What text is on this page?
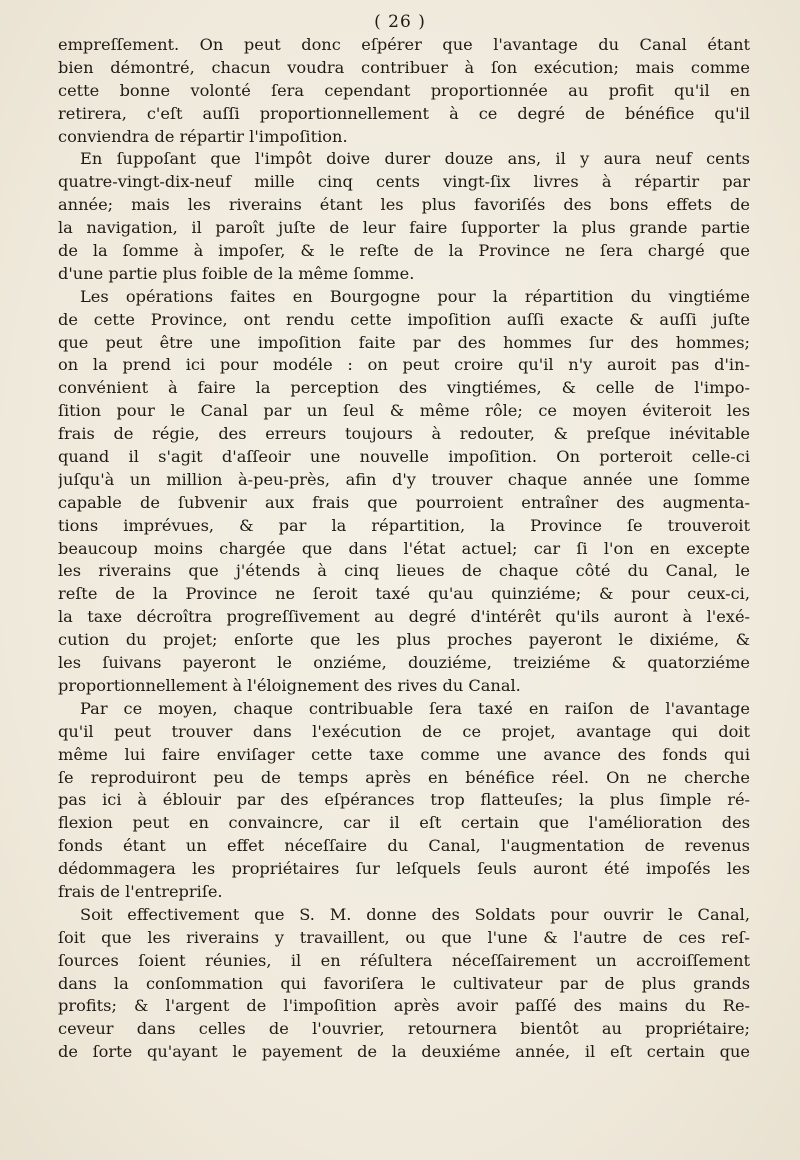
( 26 )
empreſſement. On peut donc eſpérer que l'avantage du Canal étant
bien démontré, chacun voudra contribuer à ſon exécution; mais comme
cette bonne volonté ſera cependant proportionnée au profit qu'il en
retirera, c'eſt auſſi proportionnellement à ce degré de bénéfice qu'il
conviendra de répartir l'impoſition.
En ſuppoſant que l'impôt doive durer douze ans, il y aura neuf cents
quatre-vingt-dix-neuf mille cinq cents vingt-ſix livres à répartir par
année; mais les riverains étant les plus favoriſés des bons effets de
la navigation, il paroît juſte de leur faire ſupporter la plus grande partie
de la ſomme à impoſer, & le reſte de la Province ne ſera chargé que
d'une partie plus foible de la même ſomme.
Les opérations faites en Bourgogne pour la répartition du vingtiéme
de cette Province, ont rendu cette impoſition auſſi exacte & auſſi juſte
que peut être une impoſition faite par des hommes ſur des hommes;
on la prend ici pour modéle : on peut croire qu'il n'y auroit pas d'in-
convénient à faire la perception des vingtiémes, & celle de l'impo-
ſition pour le Canal par un ſeul & même rôle; ce moyen éviteroit les
frais de régie, des erreurs toujours à redouter, & preſque inévitable
quand il s'agit d'aſſeoir une nouvelle impoſition. On porteroit celle-ci
juſqu'à un million à-peu-près, afin d'y trouver chaque année une ſomme
capable de ſubvenir aux frais que pourroient entraîner des augmenta-
tions imprévues, & par la répartition, la Province ſe trouveroit
beaucoup moins chargée que dans l'état actuel; car ſi l'on en excepte
les riverains que j'étends à cinq lieues de chaque côté du Canal, le
reſte de la Province ne ſeroit taxé qu'au quinziéme; & pour ceux-ci,
la taxe décroîtra progreſſivement au degré d'intérêt qu'ils auront à l'exé-
cution du projet; enſorte que les plus proches payeront le dixiéme, &
les ſuivans payeront le onziéme, douziéme, treiziéme & quatorziéme
proportionnellement à l'éloignement des rives du Canal.
Par ce moyen, chaque contribuable ſera taxé en raiſon de l'avantage
qu'il peut trouver dans l'exécution de ce projet, avantage qui doit
même lui faire enviſager cette taxe comme une avance des fonds qui
ſe reproduiront peu de temps après en bénéfice réel. On ne cherche
pas ici à éblouir par des eſpérances trop flatteuſes; la plus ſimple ré-
flexion peut en convaincre, car il eſt certain que l'amélioration des
fonds étant un effet néceſſaire du Canal, l'augmentation de revenus
dédommagera les propriétaires ſur leſquels ſeuls auront été impoſés les
frais de l'entrepriſe.
Soit effectivement que S. M. donne des Soldats pour ouvrir le Canal,
ſoit que les riverains y travaillent, ou que l'une & l'autre de ces reſ-
ſources ſoient réunies, il en réſultera néceſſairement un accroiſſement
dans la conſommation qui favoriſera le cultivateur par de plus grands
profits; & l'argent de l'impoſition après avoir paſſé des mains du Re-
ceveur dans celles de l'ouvrier, retournera bientôt au propriétaire;
de ſorte qu'ayant le payement de la deuxiéme année, il eſt certain que
